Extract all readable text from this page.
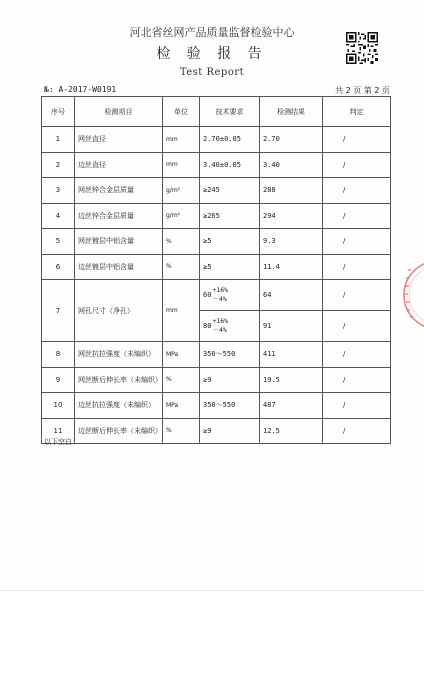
河北省丝网产品质量监督检验中心
检 验 报 告
Test Report
№: A-2017-W0191	共 2 页 第 2 页
序号	检测项目	单位	技术要求	检测结果	判定
1	网丝直径	mm	2.70±0.05	2.70	/
2	边丝直径	mm	3.40±0.05	3.40	/
3	网丝锌合金层质量	g/m²	≥245	288	/
4	边丝锌合金层质量	g/m²	≥265	294	/
5	网丝镀层中铝含量	%	≥5	9.3	/
6	边丝镀层中铝含量	%	≥5	11.4	/
7	网孔尺寸（净孔）	mm	60
+16%
－4%	64	/

			80
+16%
－4%	91	/
8	网丝抗拉强度（未编织）	MPa	350～550	411	/
9	网丝断后伸长率（未编织）	%	≥9	19.5	/
10	边丝抗拉强度（未编织）	MPa	350～550	487	/
11	边丝断后伸长率（未编织）	%	≥9	12.5	/
以下空白
